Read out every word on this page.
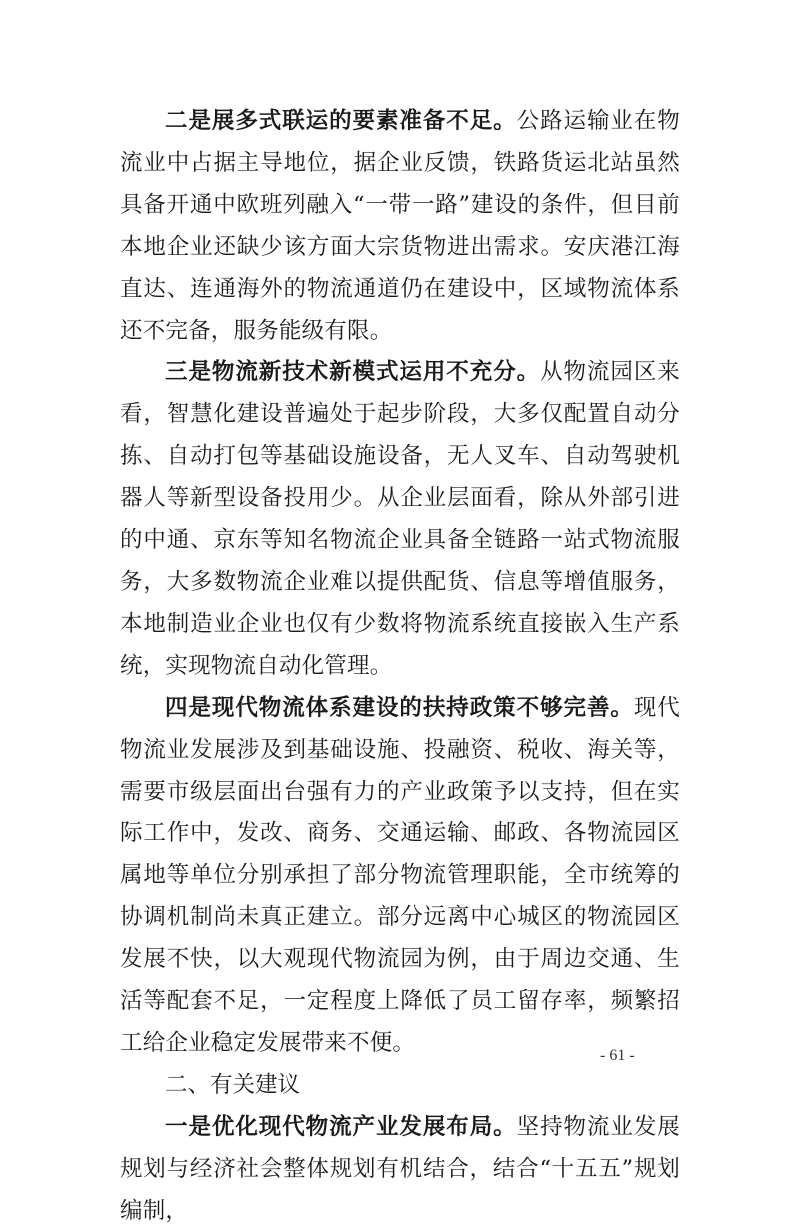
二是展多式联运的要素准备不足。公路运输业在物流业中占据主导地位，据企业反馈，铁路货运北站虽然具备开通中欧班列融入“一带一路”建设的条件，但目前本地企业还缺少该方面大宗货物进出需求。安庆港江海直达、连通海外的物流通道仍在建设中，区域物流体系还不完备，服务能级有限。

三是物流新技术新模式运用不充分。从物流园区来看，智慧化建设普遍处于起步阶段，大多仅配置自动分拣、自动打包等基础设施设备，无人叉车、自动驾驶机器人等新型设备投用少。从企业层面看，除从外部引进的中通、京东等知名物流企业具备全链路一站式物流服务，大多数物流企业难以提供配货、信息等增值服务，本地制造业企业也仅有少数将物流系统直接嵌入生产系统，实现物流自动化管理。

四是现代物流体系建设的扶持政策不够完善。现代物流业发展涉及到基础设施、投融资、税收、海关等，需要市级层面出台强有力的产业政策予以支持，但在实际工作中，发改、商务、交通运输、邮政、各物流园区属地等单位分别承担了部分物流管理职能，全市统筹的协调机制尚未真正建立。部分远离中心城区的物流园区发展不快，以大观现代物流园为例，由于周边交通、生活等配套不足，一定程度上降低了员工留存率，频繁招工给企业稳定发展带来不便。

二、有关建议

一是优化现代物流产业发展布局。坚持物流业发展规划与经济社会整体规划有机结合，结合“十五五”规划编制，

- 61 -
